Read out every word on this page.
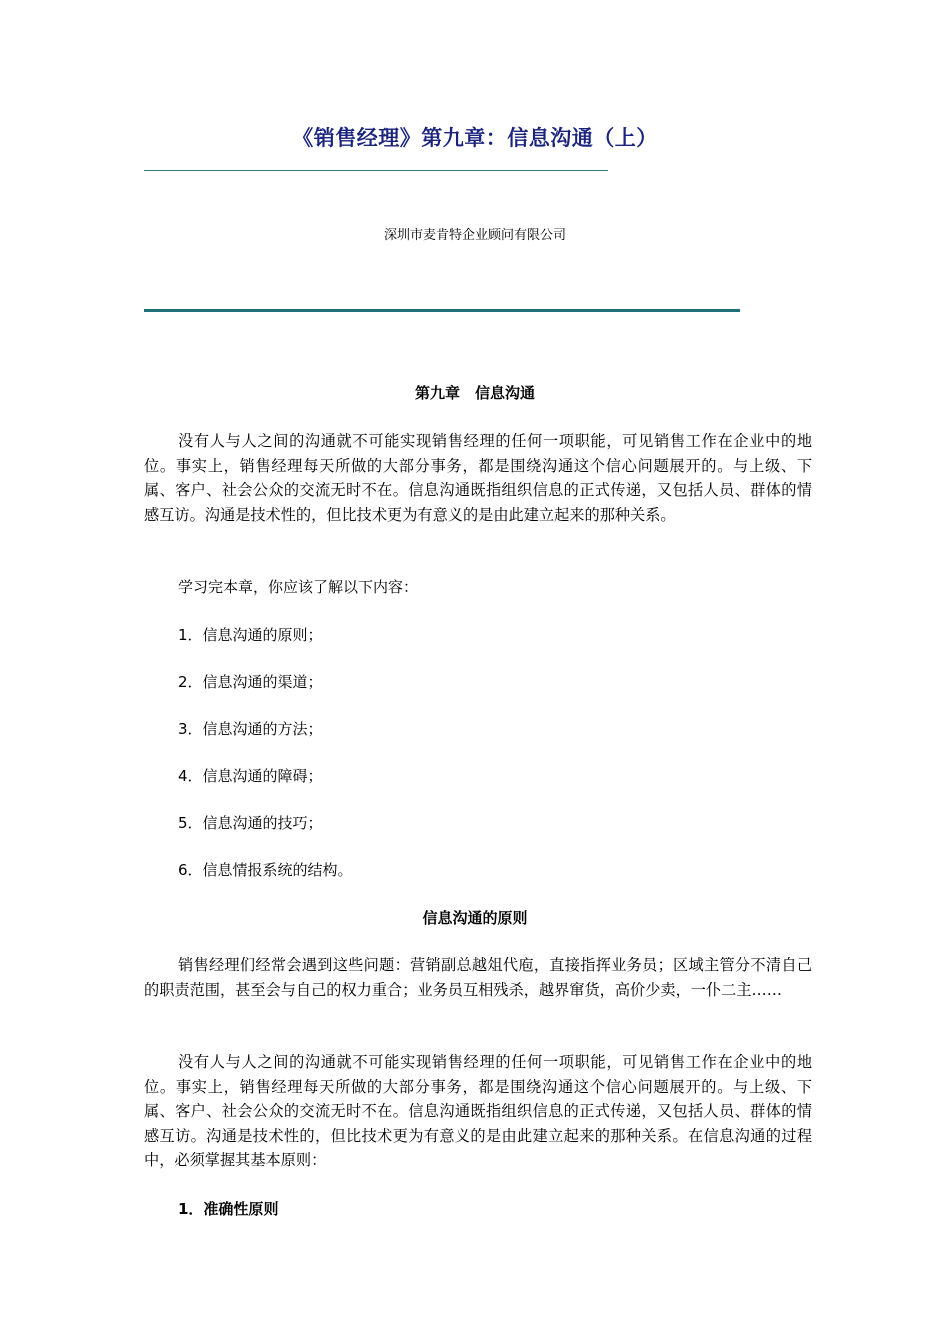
《销售经理》第九章：信息沟通（上）
深圳市麦肯特企业顾问有限公司
第九章　信息沟通
没有人与人之间的沟通就不可能实现销售经理的任何一项职能，可见销售工作在企业中的地位。事实上，销售经理每天所做的大部分事务，都是围绕沟通这个信心问题展开的。与上级、下属、客户、社会公众的交流无时不在。信息沟通既指组织信息的正式传递，又包括人员、群体的情感互访。沟通是技术性的，但比技术更为有意义的是由此建立起来的那种关系。
学习完本章，你应该了解以下内容：
1．信息沟通的原则；
2．信息沟通的渠道；
3．信息沟通的方法；
4．信息沟通的障碍；
5．信息沟通的技巧；
6．信息情报系统的结构。
信息沟通的原则
销售经理们经常会遇到这些问题：营销副总越俎代庖，直接指挥业务员；区域主管分不清自己的职责范围，甚至会与自己的权力重合；业务员互相残杀，越界窜货，高价少卖，一仆二主……
没有人与人之间的沟通就不可能实现销售经理的任何一项职能，可见销售工作在企业中的地位。事实上，销售经理每天所做的大部分事务，都是围绕沟通这个信心问题展开的。与上级、下属、客户、社会公众的交流无时不在。信息沟通既指组织信息的正式传递，又包括人员、群体的情感互访。沟通是技术性的，但比技术更为有意义的是由此建立起来的那种关系。在信息沟通的过程中，必须掌握其基本原则：
1．准确性原则
